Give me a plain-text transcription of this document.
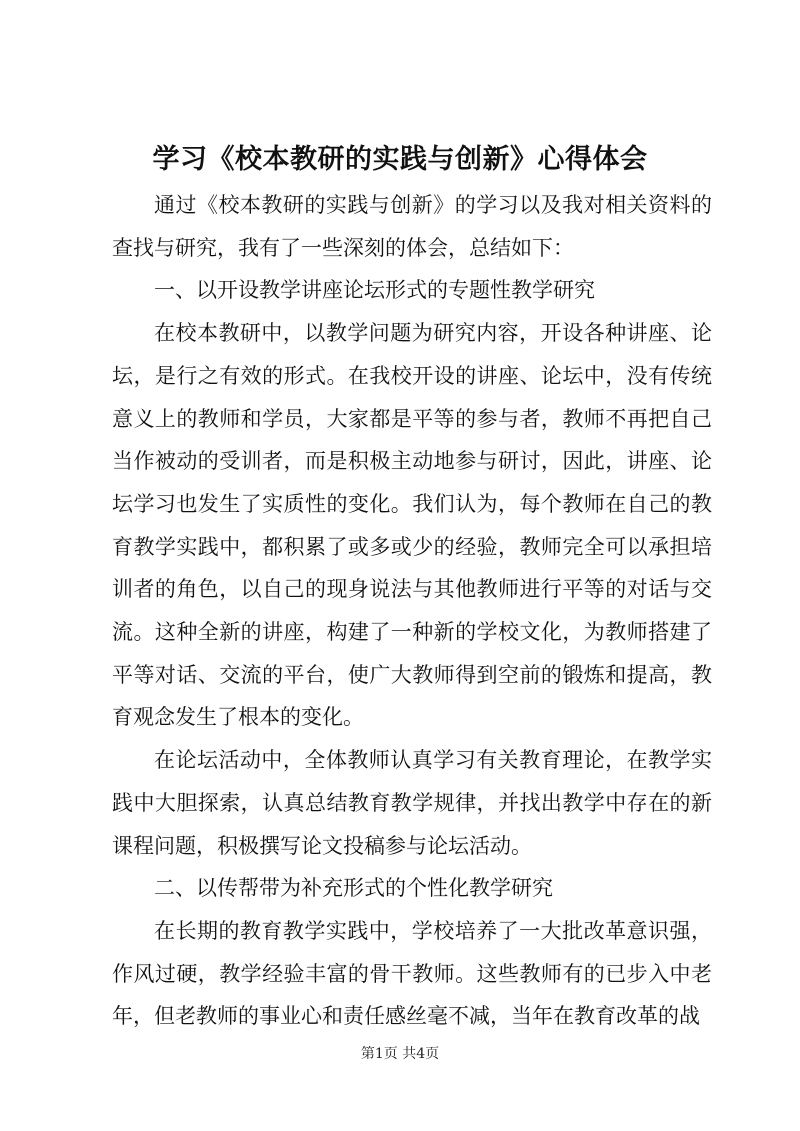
学习《校本教研的实践与创新》心得体会

通过《校本教研的实践与创新》的学习以及我对相关资料的查找与研究，我有了一些深刻的体会，总结如下：

一、以开设教学讲座论坛形式的专题性教学研究

在校本教研中，以教学问题为研究内容，开设各种讲座、论坛，是行之有效的形式。在我校开设的讲座、论坛中，没有传统意义上的教师和学员，大家都是平等的参与者，教师不再把自己当作被动的受训者，而是积极主动地参与研讨，因此，讲座、论坛学习也发生了实质性的变化。我们认为，每个教师在自己的教育教学实践中，都积累了或多或少的经验，教师完全可以承担培训者的角色，以自己的现身说法与其他教师进行平等的对话与交流。这种全新的讲座，构建了一种新的学校文化，为教师搭建了平等对话、交流的平台，使广大教师得到空前的锻炼和提高，教育观念发生了根本的变化。

在论坛活动中，全体教师认真学习有关教育理论，在教学实践中大胆探索，认真总结教育教学规律，并找出教学中存在的新课程问题，积极撰写论文投稿参与论坛活动。

二、以传帮带为补充形式的个性化教学研究

在长期的教育教学实践中，学校培养了一大批改革意识强，作风过硬，教学经验丰富的骨干教师。这些教师有的已步入中老年，但老教师的事业心和责任感丝毫不减，当年在教育改革的战

第1页 共4页
